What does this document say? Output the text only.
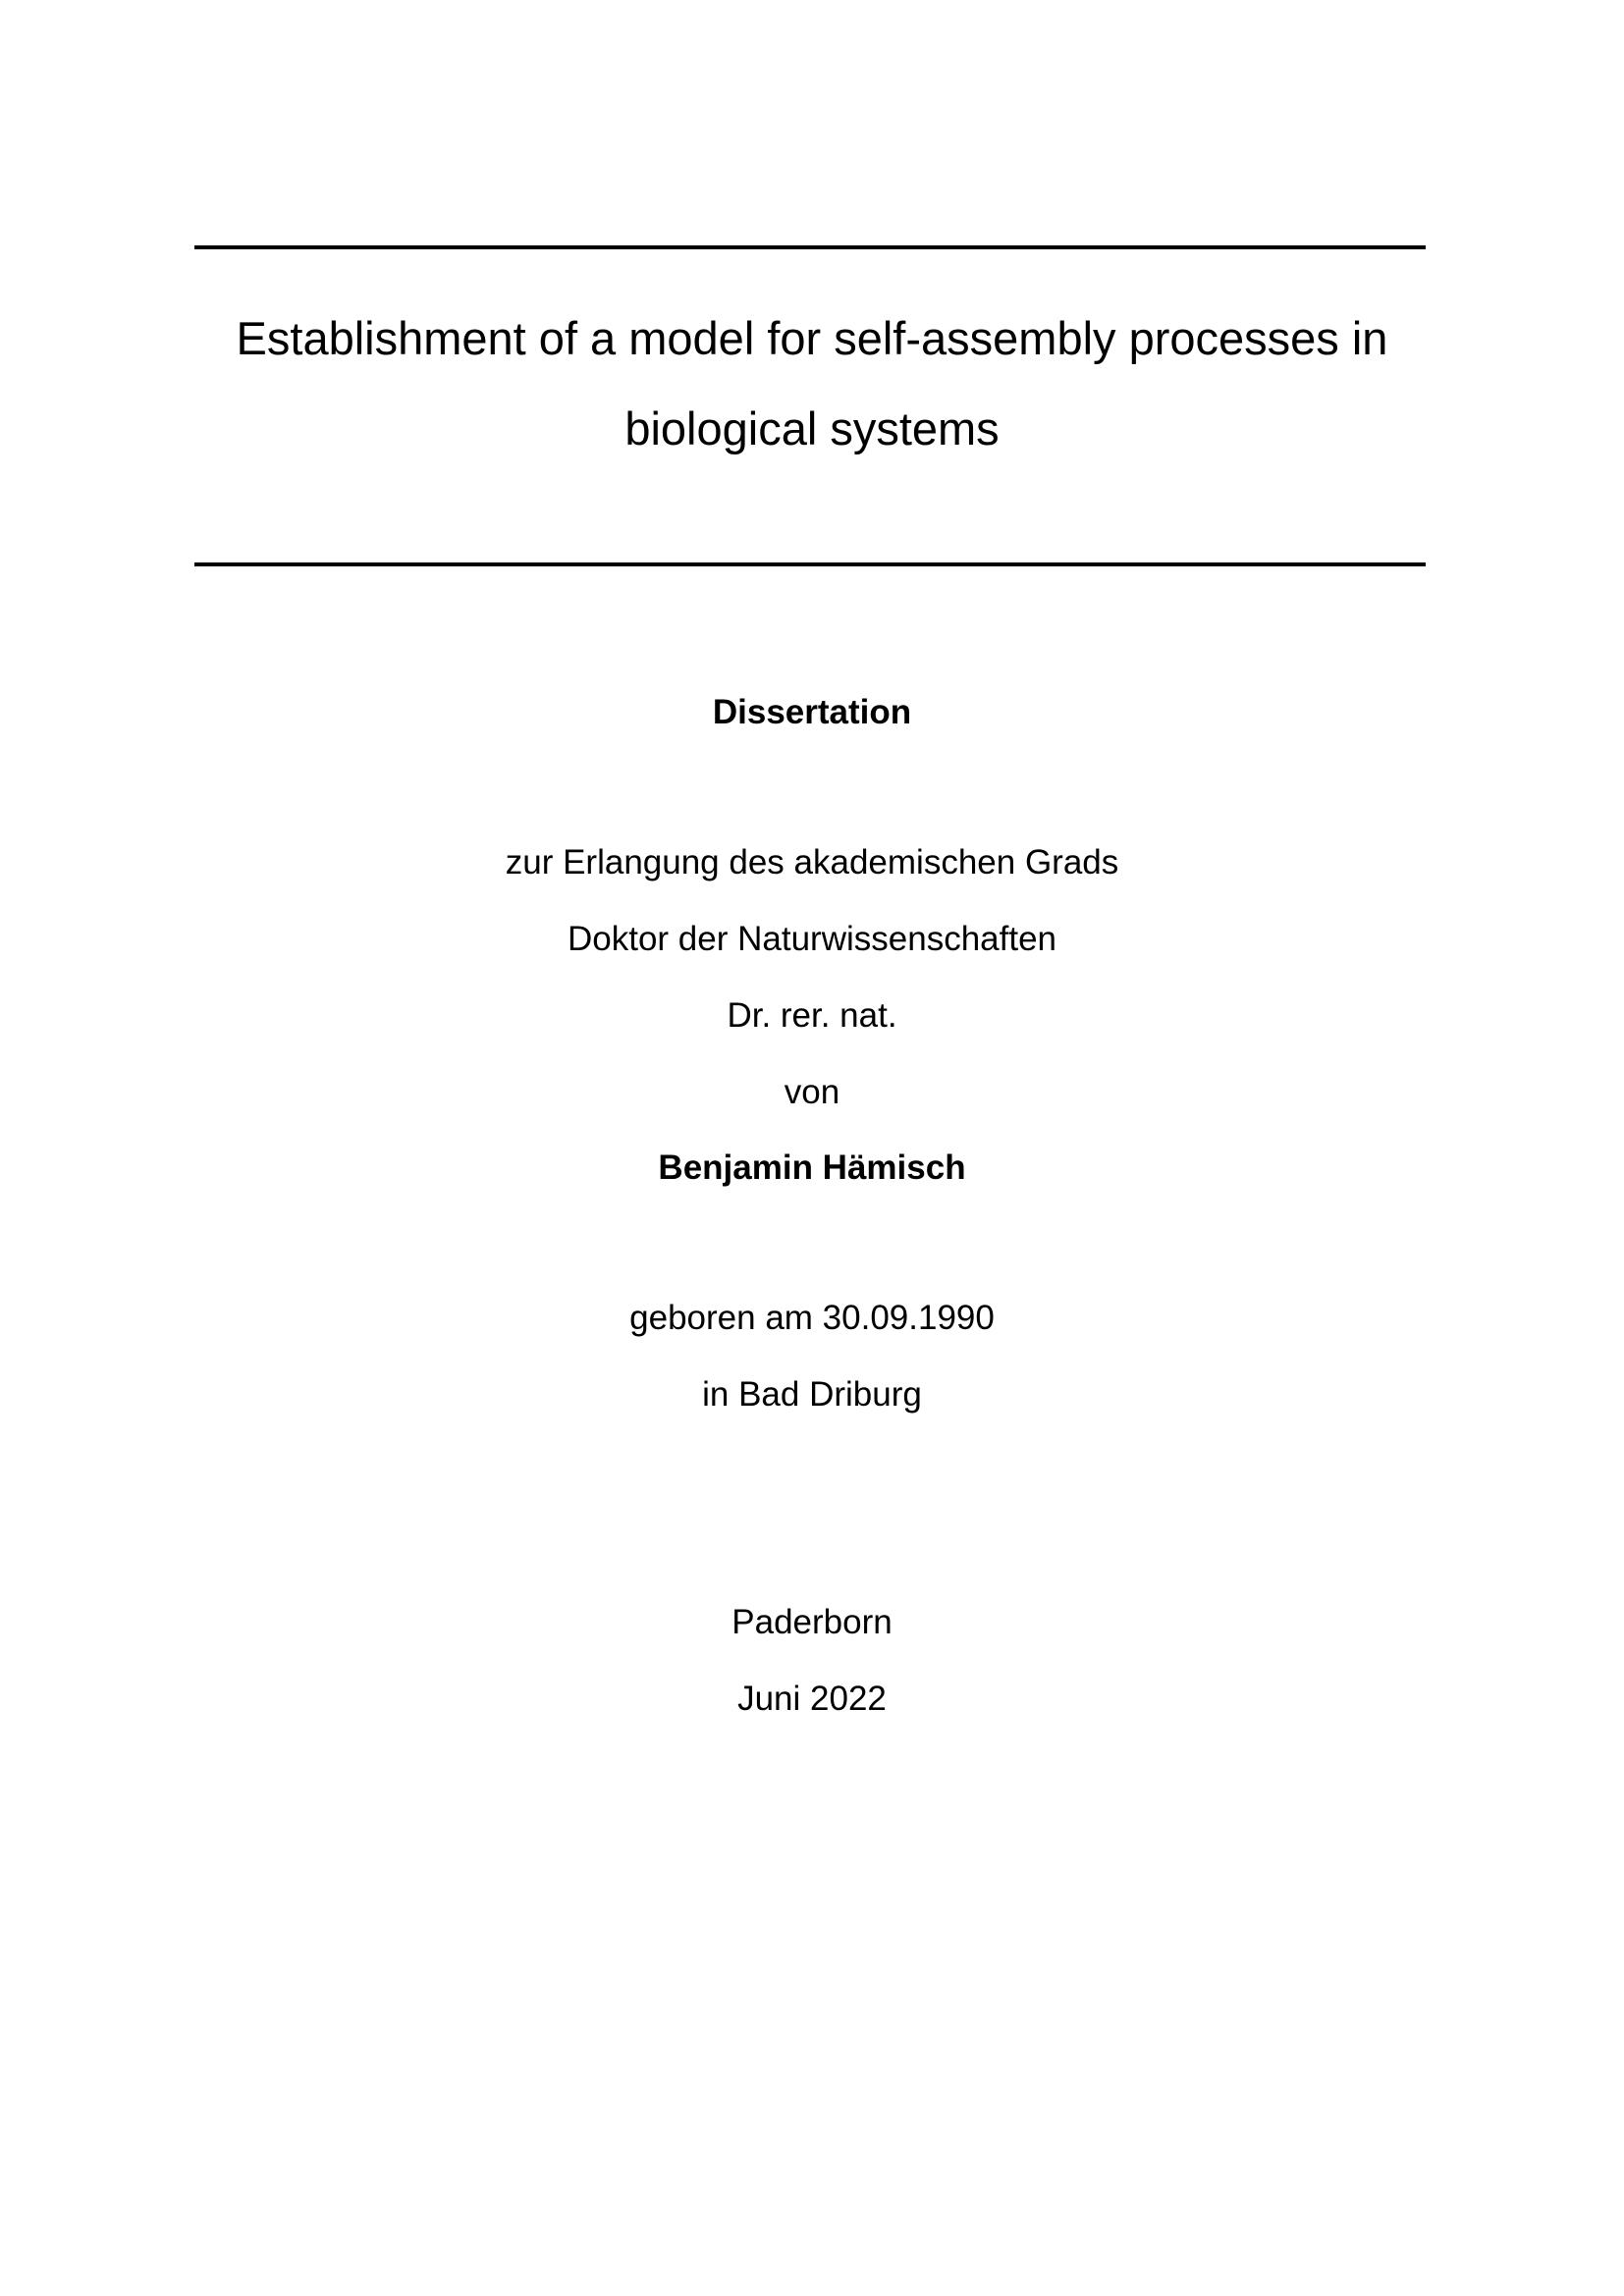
Establishment of a model for self-assembly processes in
biological systems
Dissertation
zur Erlangung des akademischen Grads
Doktor der Naturwissenschaften
Dr. rer. nat.
von
Benjamin Hämisch
geboren am 30.09.1990
in Bad Driburg
Paderborn
Juni 2022
